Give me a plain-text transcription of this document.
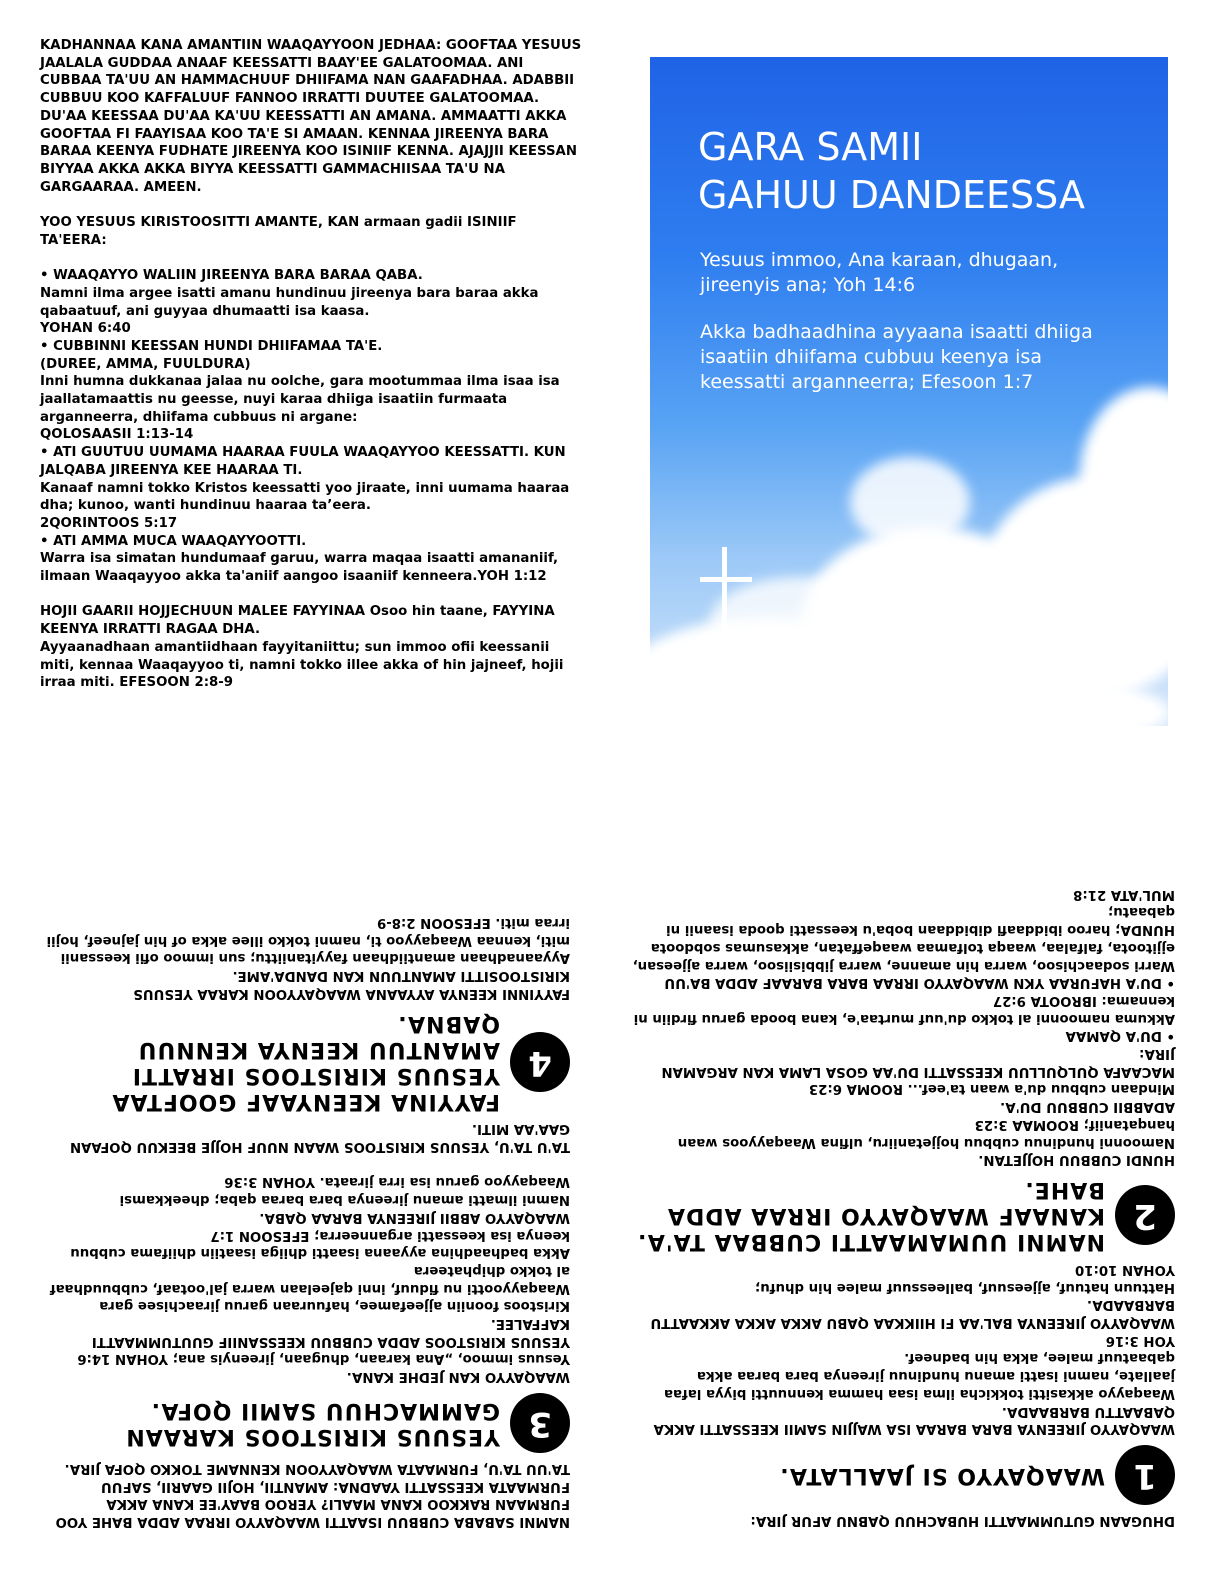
KADHANNAA KANA AMANTIIN WAAQAYYOON JEDHAA: GOOFTAA YESUUS JAALALA GUDDAA ANAAF KEESSATTI BAAY'EE GALATOOMAA. ANI CUBBAA TA'UU AN HAMMACHUUF DHIIFAMA NAN GAAFADHAA. ADABBII CUBBUU KOO KAFFALUUF FANNOO IRRATTI DUUTEE GALATOOMAA. DU'AA KEESSAA DU'AA KA'UU KEESSATTI AN AMANA. AMMAATTI AKKA GOOFTAA FI FAAYISAA KOO TA'E SI AMAAN. KENNAA JIREENYA BARA BARAA KEENYA FUDHATE JIREENYA KOO ISINIIF KENNA. AJAJJII KEESSAN BIYYAA AKKA AKKA BIYYA KEESSATTI GAMMACHIISAA TA'U NA GARGAARAA. AMEEN.

YOO YESUUS KIRISTOOSITTI AMANTE, KAN armaan gadii ISINIIF TA'EERA:

• WAAQAYYO WALIIN JIREENYA BARA BARAA QABA.

Namni ilma argee isatti amanu hundinuu jireenya bara baraa akka qabaatuuf, ani guyyaa dhumaatti isa kaasa.

YOHAN 6:40

• CUBBINNI KEESSAN HUNDI DHIIFAMAA TA'E.

(DUREE, AMMA, FUULDURA)

Inni humna dukkanaa jalaa nu oolche, gara mootummaa ilma isaa isa jaallatamaattis nu geesse, nuyi karaa dhiiga isaatiin furmaata arganneerra, dhiifama cubbuus ni argane:

QOLOSAASII 1:13-14

• ATI GUUTUU UUMAMA HAARAA FUULA WAAQAYYOO KEESSATTI. KUN JALQABA JIREENYA KEE HAARAA TI.

Kanaaf namni tokko Kristos keessatti yoo jiraate, inni uumama haaraa dha; kunoo, wanti hundinuu haaraa ta’eera.

2QORINTOOS 5:17

• ATI AMMA MUCA WAAQAYYOOTTI.

Warra isa simatan hundumaaf garuu, warra maqaa isaatti amananiif, ilmaan Waaqayyoo akka ta'aniif aangoo isaaniif kenneera.YOH 1:12

HOJII GAARII HOJJECHUUN MALEE FAYYINAA Osoo hin taane, FAYYINA KEENYA IRRATTI RAGAA DHA.

Ayyaanadhaan amantiidhaan fayyitaniittu; sun immoo ofii keessanii miti, kennaa Waaqayyoo ti, namni tokko illee akka of hin jajneef, hojii irraa miti. EFESOON 2:8-9

GARA SAMII
GAHUU DANDEESSA
Yesuus immoo, Ana karaan, dhugaan, jireenyis ana; Yoh 14:6
Akka badhaadhina ayyaana isaatti dhiiga isaatiin dhiifama cubbuu keenya isa keessatti arganneerra; Efesoon 1:7

DHUGAAN GUTUMMAATTI HUBACHUU QABNU AFUR JIRA:

1
WAAQAYYO SI JAALLATA.

WAAQAYYO JIREENYA BARA BARAA ISA WAJJIN SAMII KEESSATTI AKKA QABAATTU BARBAADA.

Waaqayyo akkasitti tokkicha ilma isaa hamma kennuutti biyya lafaa jaallate, namni isatti amanu hundinuu jireenya bara baraa akka qabaatuuf malee, akka hin badneef.

YOH 3:16

WAAQAYYO JIREENYA BAL'AA FI HIIKKAA QABU AKKA AKKA AKKAATTU BARBAADA.

Hattuun hatuuf, ajjeesuuf, balleessuuf malee hin dhufu;

YOHAN 10:10

2
NAMNI UUMAMAATTI CUBBAA TA'A. KANAAF WAAQAYYO IRRAA ADDA BAHE.

HUNDI CUBBUU HOJJETAN.

Namoonni hundinuu cubbuu hojjetaniiru, ulfina Waaqayyoos waan hanqataniif; ROOMAA 3:23

ADABBII CUBBUU DU'A.

Mindaan cubbuu du'a waan ta'eef... ROOMA 6:23

MACAAFA QULQULLUU KEESSATTI DU'AA GOSA LAMA KAN ARGAMAN JIRA:

• DU'A QAMAA

Akkuma namoonni al tokko du'uuf murtaa'e, kana booda garuu firdiin ni kennama: IBROOTA 9:27

• DU'A HAFURAA YKN WAAQAYYO IRRAA BARA BARAAF ADDA BA'UU

Warri sodaachisoo, warra hin amanne, warra jibbisiisoo, warra ajjeesan, ejjitoota, falfalaa, waaqa tolfamaa waaqeffatan, akkasumas sobdoota HUNDA; haroo ibiddaafi dibiddaan boba'u keessatti qooda isaanii ni qabaatu;

MUL'ATA 21:8

NAMNI SABABA CUBBUU ISAATTI WAAQAYYO IRRAA ADDA BAHE YOO FURMAAN RAKKOO KANA MAALI? YEROO BAAY'EE KANA AKKA FURMAATA KEESSATTI YAADNA: AMANTII, HOJII GAARII, SAFUU

TA'UU TA'U, FURMAATA WAAQAYYOON KENNAME TOKKO QOFA JIRA.

3
YESUUS KIRISTOOS KARAAN GAMMACHUU SAMII QOFA.

WAAQAYYO KAN JEDHE KANA.

Yesuus immoo, „Ana karaan, dhugaan, jireenyis ana; YOHAN 14:6

YESUUS KIRISTOOS ADDA CUBBUU KEESSANIIF GUUTUMMAATTI KAFFALEE.

Kiristoos fooniin ajjeefamee, hafuuraan garuu jiraachisee gara Waaqayyootti nu fiduuf, inni qajeelaan warra jal'ootaaf, cubbuudhaaf al tokko dhiphateera

Akka badhaadhina ayyaana isaatti dhiiga isaatiin dhiifama cubbuu keenya isa keessatti arganneerra; EFESOON 1:7

WAAQAYYO ABBII JIREENYA BARAA QABA.

Namni ilmatti amanu jireenya bara baraa qaba; dheekkamsi Waaqayyoo garuu isa irra jiraata. YOHAN 3:36

TA'U TA'U, YESUUS KIRISTOOS WAAN NUUF HOJJE BEEKUU QOFAAN GAA'AA MITI.

4
FAYYINA KEENYAAF GOOFTAA YESUUS KIRISTOOS IRRATTI AMANTUU KEENYA KENNUU QABNA.

FAYYINNI KEENYA AYYAANA WAAQAYYOON KARAA YESUUS KIRISTOOSITTI AMANTUUN KAN DANDA'AME.

Ayyaanadhaan amantiidhaan fayyitaniittu; sun immoo ofii keessanii miti, kennaa Waaqayyoo ti, namni tokko illee akka of hin jajneef, hojii irraa miti. EFESOON 2:8-9
